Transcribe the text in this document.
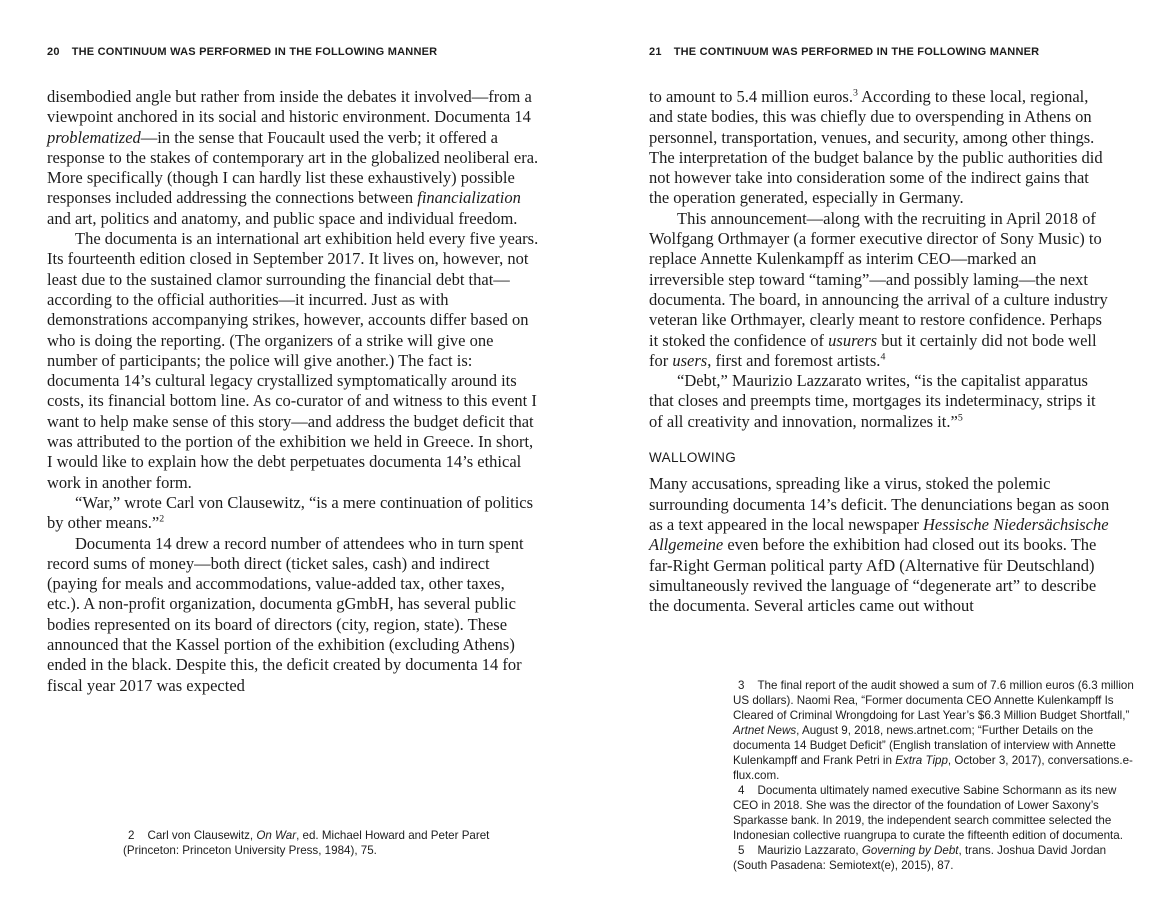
20 THE CONTINUUM WAS PERFORMED IN THE FOLLOWING MANNER

disembodied angle but rather from inside the debates it involved—from a viewpoint anchored in its social and historic environment. Documenta 14 problematized—in the sense that Foucault used the verb; it offered a response to the stakes of contemporary art in the globalized neoliberal era. More specifically (though I can hardly list these exhaustively) possible responses included addressing the connections between financialization and art, politics and anatomy, and public space and individual freedom.

The documenta is an international art exhibition held every five years. Its fourteenth edition closed in September 2017. It lives on, however, not least due to the sustained clamor surrounding the financial debt that—according to the official authorities—it incurred. Just as with demonstrations accompanying strikes, however, accounts differ based on who is doing the reporting. (The organizers of a strike will give one number of participants; the police will give another.) The fact is: documenta 14’s cultural legacy crystallized symptomatically around its costs, its financial bottom line. As co-curator of and witness to this event I want to help make sense of this story—and address the budget deficit that was attributed to the portion of the exhibition we held in Greece. In short, I would like to explain how the debt perpetuates documenta 14’s ethical work in another form.

“War,” wrote Carl von Clausewitz, “is a mere continuation of politics by other means.”$^2$

Documenta 14 drew a record number of attendees who in turn spent record sums of money—both direct (ticket sales, cash) and indirect (paying for meals and accommodations, value-added tax, other taxes, etc.). A non-profit organization, documenta gGmbH, has several public bodies represented on its board of directors (city, region, state). These announced that the Kassel portion of the exhibition (excluding Athens) ended in the black. Despite this, the deficit created by documenta 14 for fiscal year 2017 was expected

2 Carl von Clausewitz, On War, ed. Michael Howard and Peter Paret (Princeton: Princeton University Press, 1984), 75.

21 THE CONTINUUM WAS PERFORMED IN THE FOLLOWING MANNER

to amount to 5.4 million euros.$^3$ According to these local, regional, and state bodies, this was chiefly due to overspending in Athens on personnel, transportation, venues, and security, among other things. The interpretation of the budget balance by the public authorities did not however take into consideration some of the indirect gains that the operation generated, especially in Germany.

This announcement—along with the recruiting in April 2018 of Wolfgang Orthmayer (a former executive director of Sony Music) to replace Annette Kulenkampff as interim CEO—marked an irreversible step toward “taming”—and possibly laming—the next documenta. The board, in announcing the arrival of a culture industry veteran like Orthmayer, clearly meant to restore confidence. Perhaps it stoked the confidence of usurers but it certainly did not bode well for users, first and foremost artists.$^4$

“Debt,” Maurizio Lazzarato writes, “is the capitalist apparatus that closes and preempts time, mortgages its indeterminacy, strips it of all creativity and innovation, normalizes it.”$^5$

WALLOWING

Many accusations, spreading like a virus, stoked the polemic surrounding documenta 14’s deficit. The denunciations began as soon as a text appeared in the local newspaper Hessische Niedersächsische Allgemeine even before the exhibition had closed out its books. The far-Right German political party AfD (Alternative für Deutschland) simultaneously revived the language of “degenerate art” to describe the documenta. Several articles came out without

3 The final report of the audit showed a sum of 7.6 million euros (6.3 million US dollars). Naomi Rea, “Former documenta CEO Annette Kulenkampff Is Cleared of Criminal Wrongdoing for Last Year’s $6.3 Million Budget Shortfall,” Artnet News, August 9, 2018, news.artnet.com; “Further Details on the documenta 14 Budget Deficit” (English translation of interview with Annette Kulenkampff and Frank Petri in Extra Tipp, October 3, 2017), conversations.e-flux.com.

4 Documenta ultimately named executive Sabine Schormann as its new CEO in 2018. She was the director of the foundation of Lower Saxony’s Sparkasse bank. In 2019, the independent search committee selected the Indonesian collective ruangrupa to curate the fifteenth edition of documenta.

5 Maurizio Lazzarato, Governing by Debt, trans. Joshua David Jordan (South Pasadena: Semiotext(e), 2015), 87.
